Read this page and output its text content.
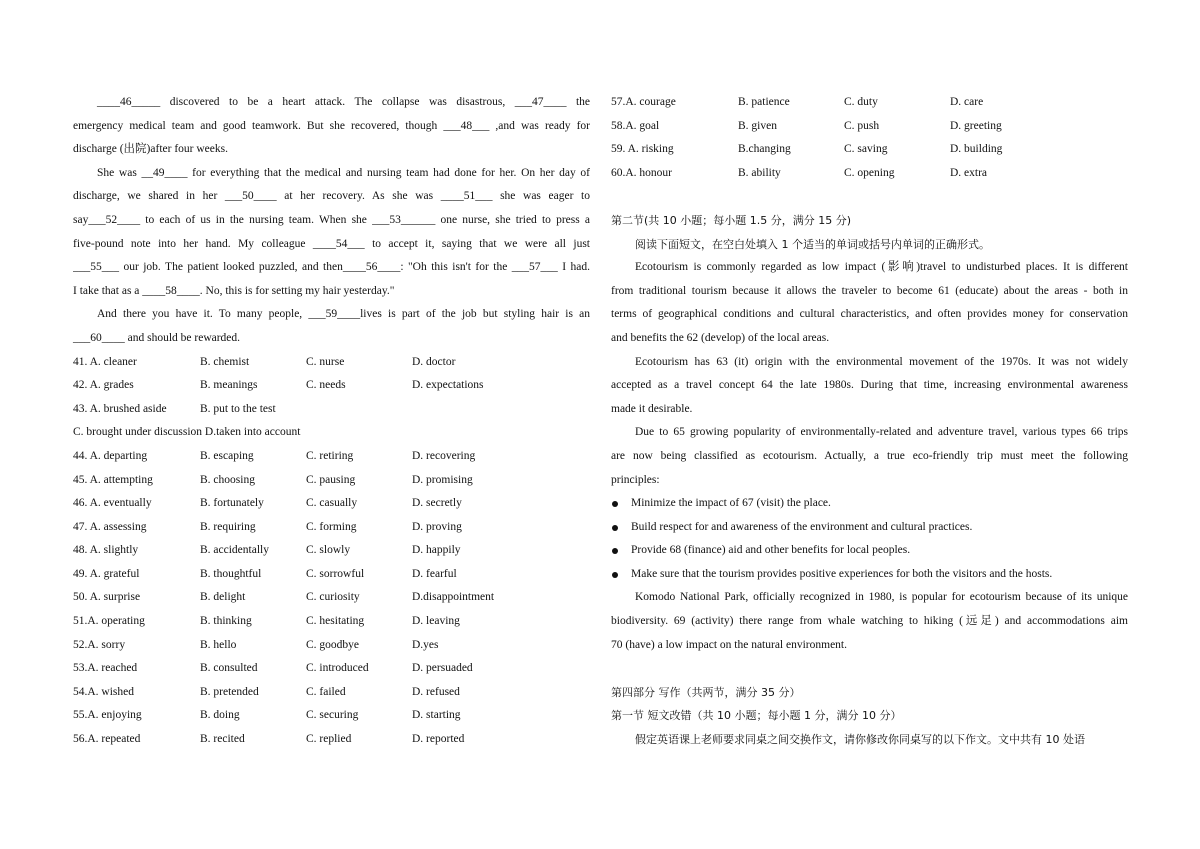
____46_____ discovered to be a heart attack. The collapse was disastrous, ___47____ the
emergency medical team and good teamwork. But she recovered, though ___48___ ,and was ready for
discharge (出院)after four weeks.
She was __49____ for everything that the medical and nursing team had done for her. On her day of
discharge, we shared in her ___50____ at her recovery. As she was ____51___ she was eager to
say___52____ to each of us in the nursing team. When she ___53______ one nurse, she tried to press a
five-pound note into her hand. My colleague ____54___ to accept it, saying that we were all just
___55___ our job. The patient looked puzzled, and then____56____: "Oh this isn't for the ___57___ I had.
I take that as a ____58____. No, this is for setting my hair yesterday."
And there you have it. To many people, ___59____lives is part of the job but styling hair is an
___60____ and should be rewarded.
41. A. cleaner	B. chemist	C. nurse	D. doctor
42. A. grades	B. meanings	C. needs	D. expectations
43. A. brushed aside	B. put to the test
C. brought under discussion D.taken into account
44. A. departing	B. escaping	C. retiring	D. recovering
45. A. attempting	B. choosing	C. pausing	D. promising
46. A. eventually	B. fortunately	C. casually	D. secretly
47. A. assessing	B. requiring	C. forming	D. proving
48. A. slightly	B. accidentally	C. slowly	D. happily
49. A. grateful	B. thoughtful	C. sorrowful	D. fearful
50. A. surprise	B. delight	C. curiosity	D.disappointment
51.A. operating	B. thinking	C. hesitating	D. leaving
52.A. sorry	B. hello	C. goodbye	D.yes
53.A. reached	B. consulted	C. introduced	D. persuaded
54.A. wished	B. pretended	C. failed	D. refused
55.A. enjoying	B. doing	C. securing	D. starting
56.A. repeated	B. recited	C. replied	D. reported
57.A. courage	B. patience	C. duty	D. care
58.A. goal	B. given	C. push	D. greeting
59. A. risking	B.changing	C. saving	D. building
60.A. honour	B. ability	C. opening	D. extra
第二节(共 10 小题；每小题 1.5 分，满分 15 分)
阅读下面短文，在空白处填入 1 个适当的单词或括号内单词的正确形式。
Ecotourism is commonly regarded as low impact (影响)travel to undisturbed places. It is different
from traditional tourism because it allows the traveler to become 61 (educate) about the areas - both in
terms of geographical conditions and cultural characteristics, and often provides money for conservation
and benefits the 62 (develop) of the local areas.
Ecotourism has 63 (it) origin with the environmental movement of the 1970s. It was not widely
accepted as a travel concept 64 the late 1980s. During that time, increasing environmental awareness
made it desirable.
Due to 65 growing popularity of environmentally-related and adventure travel, various types 66 trips
are now being classified as ecotourism. Actually, a true eco-friendly trip must meet the following
principles:
Minimize the impact of 67 (visit) the place.
Build respect for and awareness of the environment and cultural practices.
Provide 68 (finance) aid and other benefits for local peoples.
Make sure that the tourism provides positive experiences for both the visitors and the hosts.
Komodo National Park, officially recognized in 1980, is popular for ecotourism because of its unique
biodiversity. 69 (activity) there range from whale watching to hiking (远足) and accommodations aim
70 (have) a low impact on the natural environment.
第四部分 写作（共两节，满分 35 分）
第一节 短文改错（共 10 小题；每小题 1 分，满分 10 分）
假定英语课上老师要求同桌之间交换作文，请你修改你同桌写的以下作文。文中共有 10 处语
